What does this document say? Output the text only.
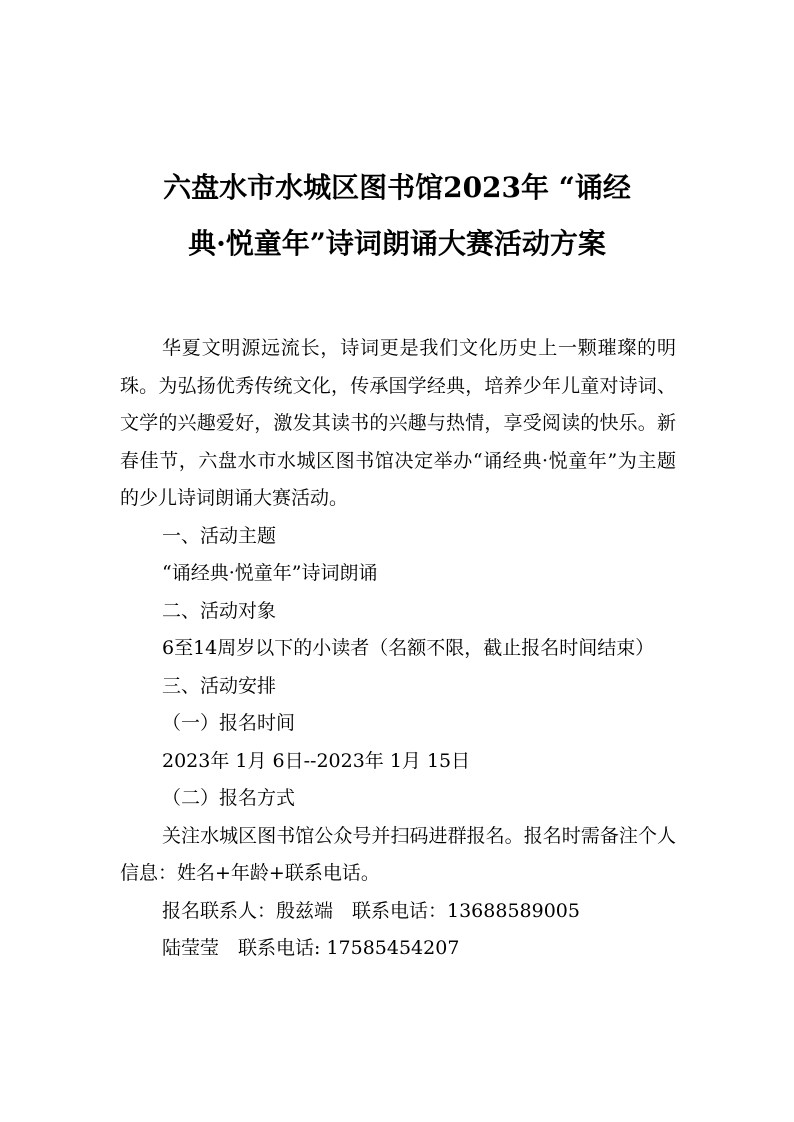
六盘水市水城区图书馆2023年 “诵经
典·悦童年”诗词朗诵大赛活动方案

华夏文明源远流长，诗词更是我们文化历史上一颗璀璨的明珠。为弘扬优秀传统文化，传承国学经典，培养少年儿童对诗词、文学的兴趣爱好，激发其读书的兴趣与热情，享受阅读的快乐。新春佳节，六盘水市水城区图书馆决定举办“诵经典·悦童年”为主题的少儿诗词朗诵大赛活动。

一、活动主题

“诵经典·悦童年”诗词朗诵

二、活动对象

6至14周岁以下的小读者（名额不限，截止报名时间结束）

三、活动安排

（一）报名时间

2023年 1月 6日--2023年 1月 15日

（二）报名方式

关注水城区图书馆公众号并扫码进群报名。报名时需备注个人信息：姓名+年龄+联系电话。

报名联系人：殷兹端　联系电话：13688589005

陆莹莹　联系电话: 17585454207
